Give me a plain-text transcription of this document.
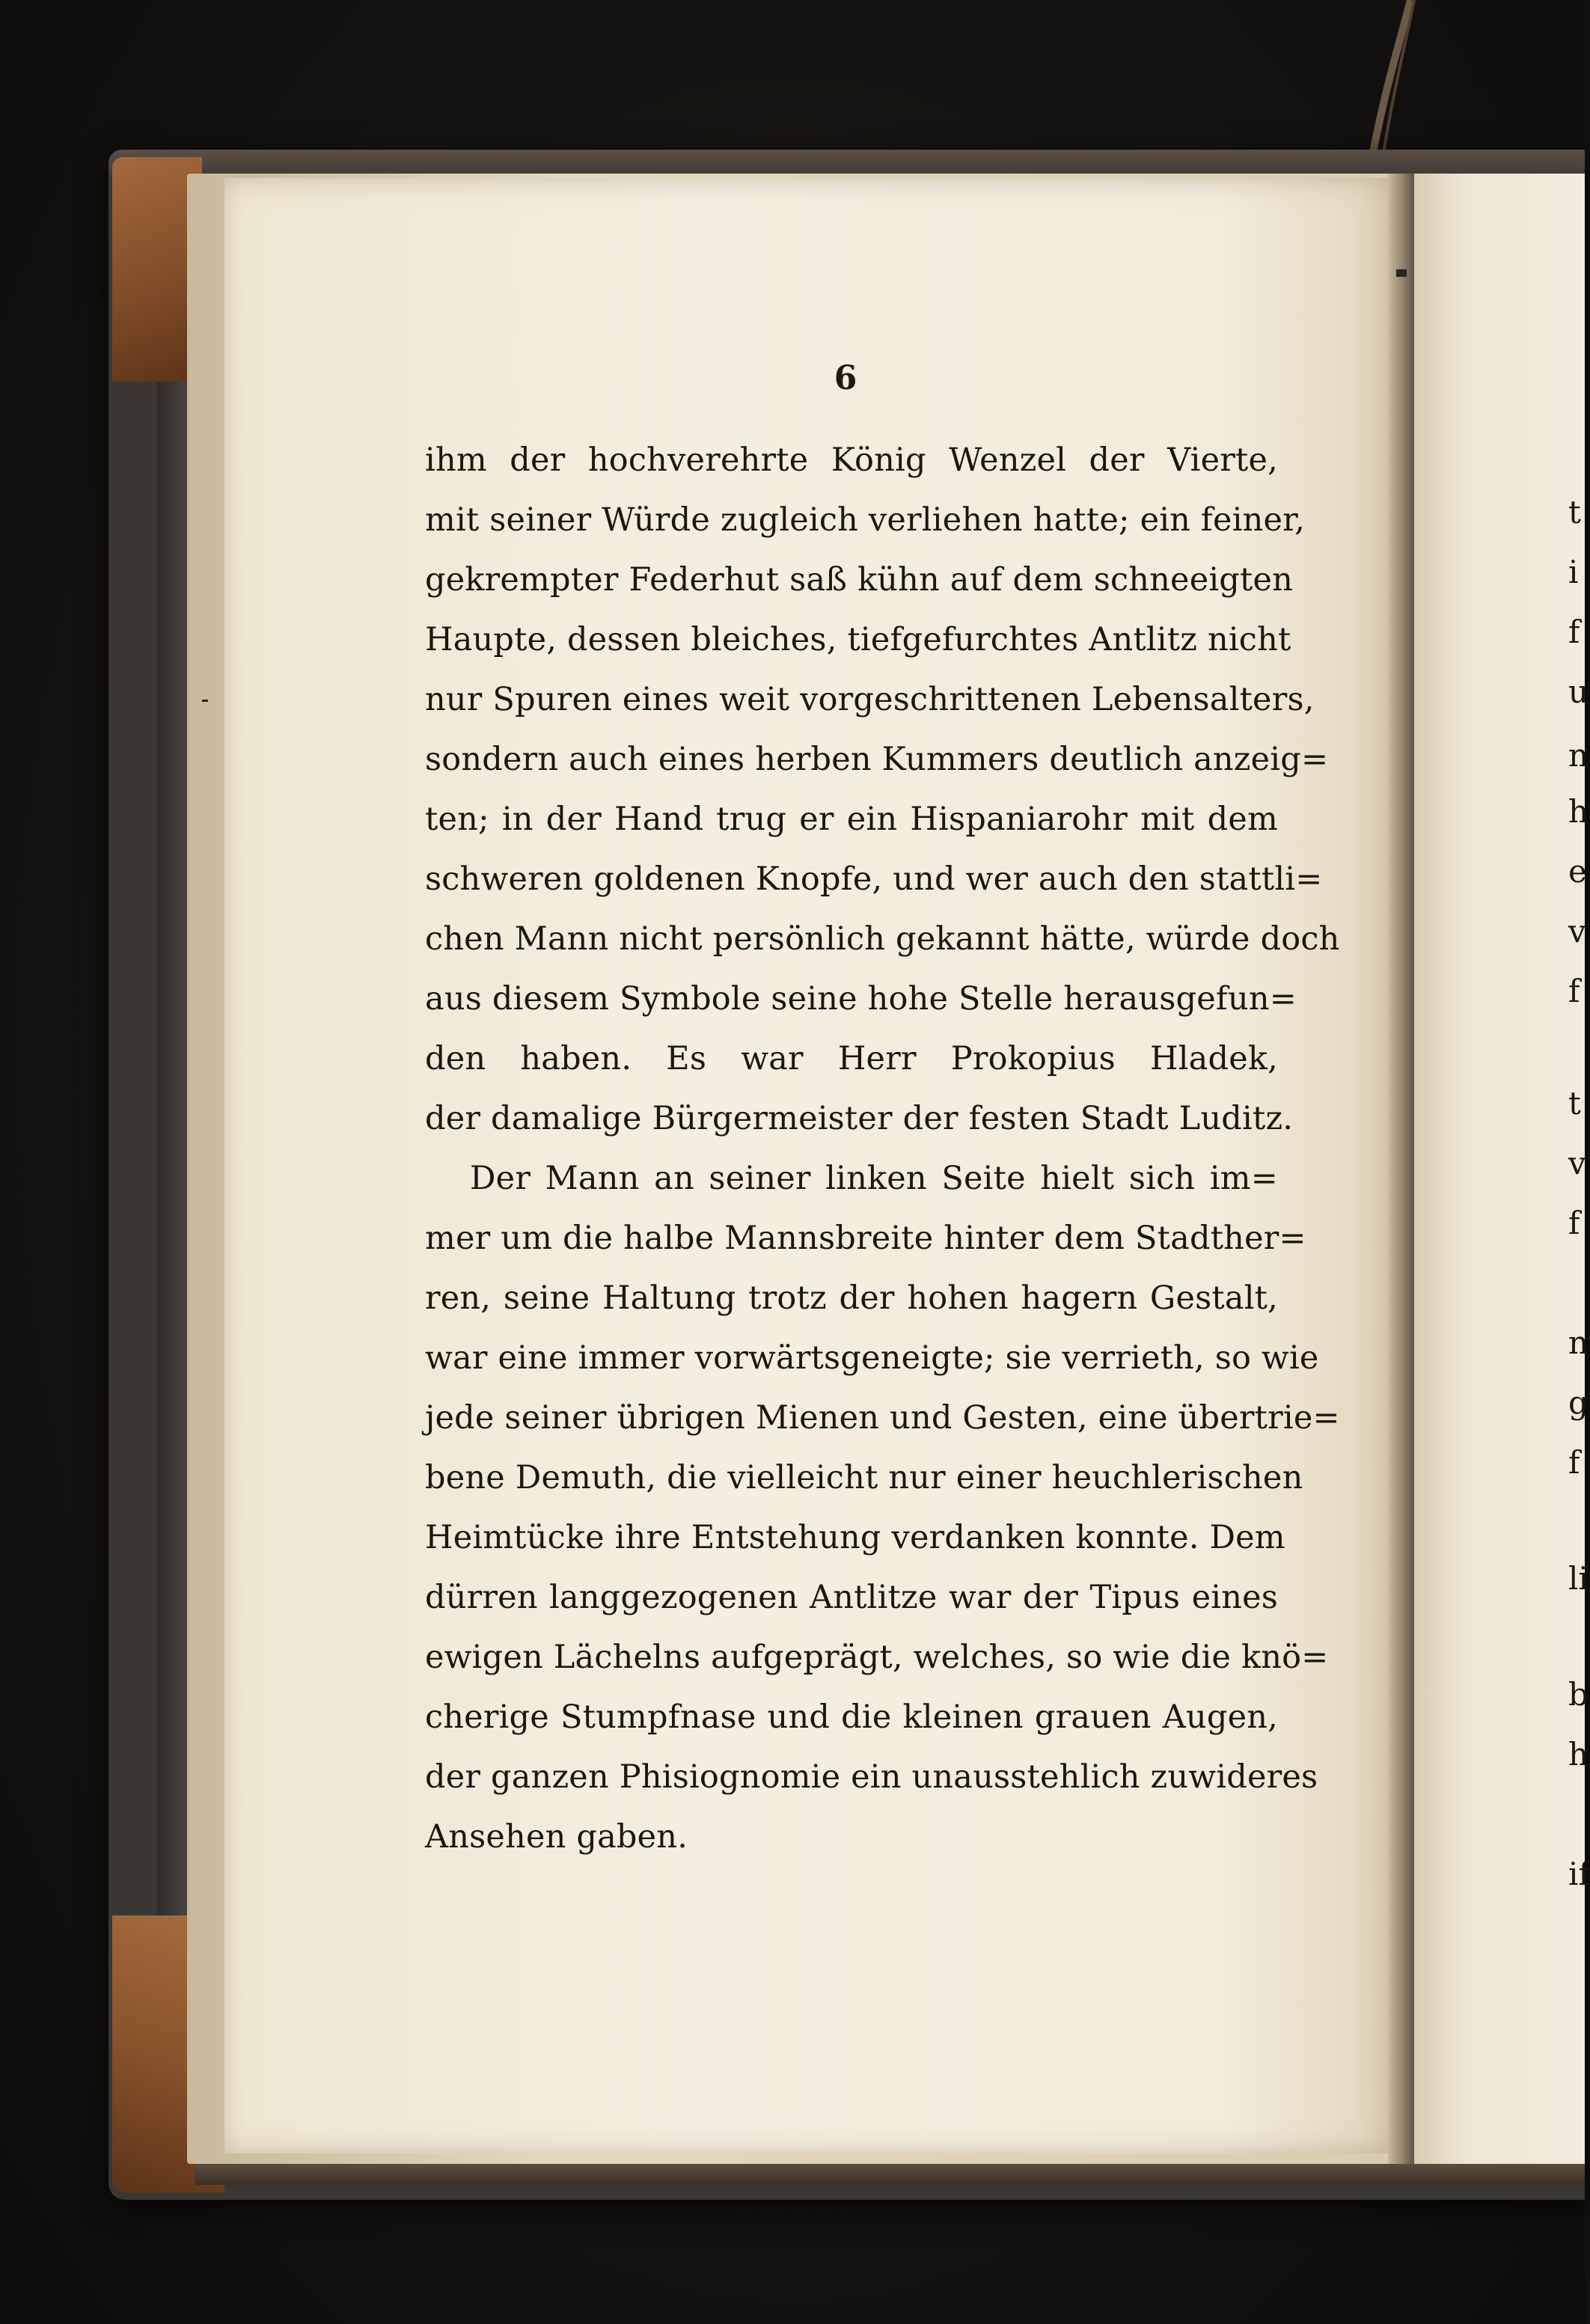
6
ihm der hochverehrte König Wenzel der Vierte,
mit seiner Würde zugleich verliehen hatte; ein feiner,
gekrempter Federhut saß kühn auf dem schneeigten
Haupte, dessen bleiches, tiefgefurchtes Antlitz nicht
nur Spuren eines weit vorgeschrittenen Lebensalters,
sondern auch eines herben Kummers deutlich anzeig=
ten; in der Hand trug er ein Hispaniarohr mit dem
schweren goldenen Knopfe, und wer auch den stattli=
chen Mann nicht persönlich gekannt hätte, würde doch
aus diesem Symbole seine hohe Stelle herausgefun=
den haben. Es war Herr Prokopius Hladek,
der damalige Bürgermeister der festen Stadt Luditz.
Der Mann an seiner linken Seite hielt sich im=
mer um die halbe Mannsbreite hinter dem Stadther=
ren, seine Haltung trotz der hohen hagern Gestalt,
war eine immer vorwärtsgeneigte; sie verrieth, so wie
jede seiner übrigen Mienen und Gesten, eine übertrie=
bene Demuth, die vielleicht nur einer heuchlerischen
Heimtücke ihre Entstehung verdanken konnte. Dem
dürren langgezogenen Antlitze war der Tipus eines
ewigen Lächelns aufgeprägt, welches, so wie die knö=
cherige Stumpfnase und die kleinen grauen Augen,
der ganzen Phisiognomie ein unausstehlich zuwideres
Ansehen gaben.
t
i
f
u
n
h
e
v
f
t
v
f
n
g
f
li
b
h
if
